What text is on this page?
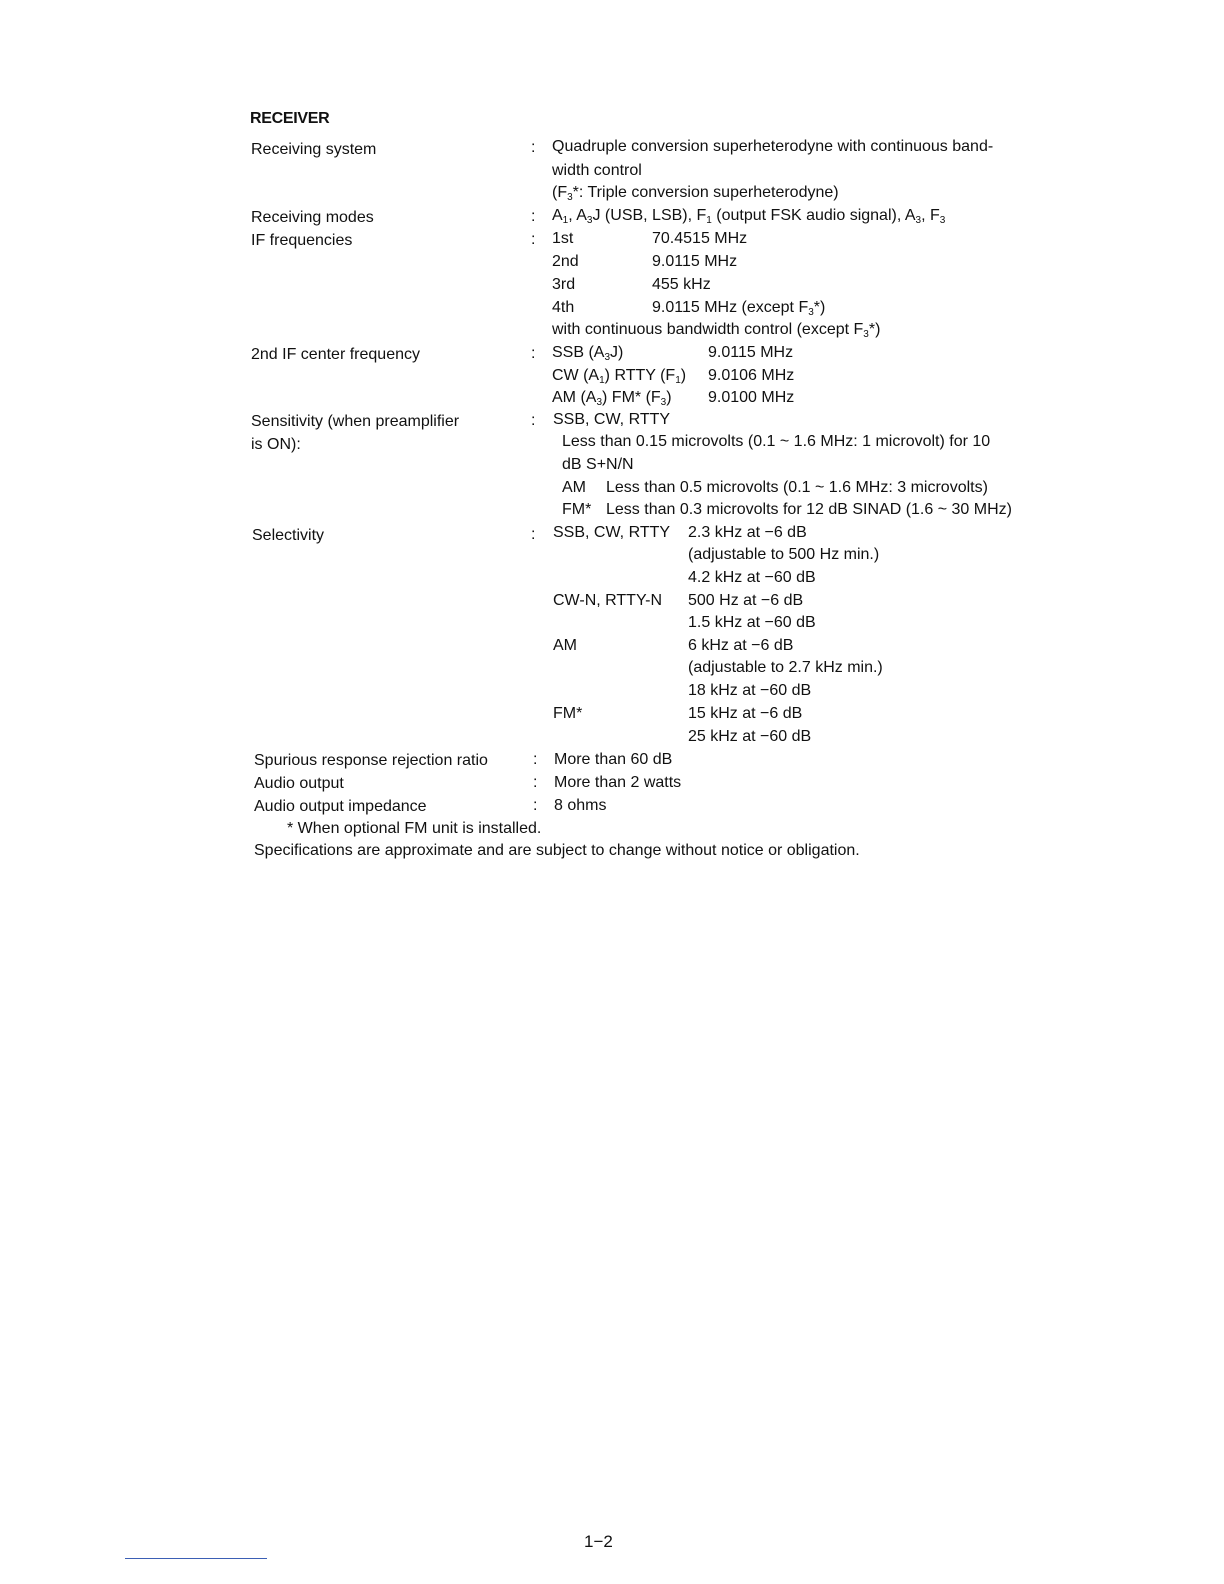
RECEIVER
Receiving system	: Quadruple conversion superheterodyne with continuous band-
width control
($F_3*$: Triple conversion superheterodyne)
Receiving modes	: $A_1$, $A_3J$ (USB, LSB), $F_1$ (output FSK audio signal), $A_3$, $F_3$
IF frequencies	: 1st	70.4515 MHz
2nd	9.0115 MHz
3rd	455 kHz
4th	9.0115 MHz (except $F_3*$)
with continuous bandwidth control (except $F_3*$)
2nd IF center frequency	: SSB $(A_3J)$	9.0115 MHz
CW $(A_1)$ RTTY $(F_1)$ 9.0106 MHz
AM $(A_3)$ FM* $(F_3)$ 9.0100 MHz
Sensitivity (when preamplifier
is ON):
: SSB, CW, RTTY
Less than 0.15 microvolts (0.1 ~ 1.6 MHz: 1 microvolt) for 10
dB S+N/N
AM Less than 0.5 microvolts (0.1 ~ 1.6 MHz: 3 microvolts)
FM* Less than 0.3 microvolts for 12 dB SINAD (1.6 ~ 30 MHz)
Selectivity	: SSB, CW, RTTY 2.3 kHz at −6 dB
(adjustable to 500 Hz min.)
4.2 kHz at −60 dB
CW-N, RTTY-N 500 Hz at −6 dB
1.5 kHz at −60 dB
AM	6 kHz at −6 dB
(adjustable to 2.7 kHz min.)
18 kHz at −60 dB
FM*	15 kHz at −6 dB
25 kHz at −60 dB
Spurious response rejection ratio	: More than 60 dB
Audio output	: More than 2 watts
Audio output impedance	: 8 ohms
* When optional FM unit is installed.
Specifications are approximate and are subject to change without notice or obligation.
1−2
